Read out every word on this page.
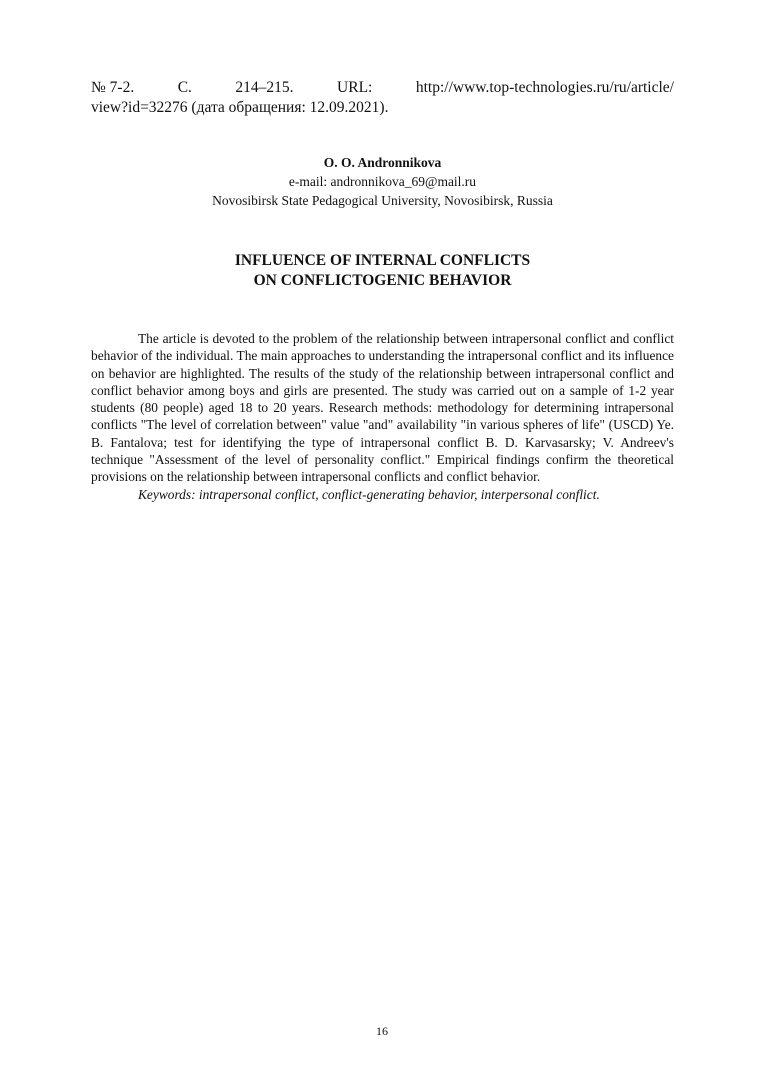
№ 7-2.	С.	214–215.	URL:	http://www.top-technologies.ru/ru/article/
view?id=32276 (дата обращения: 12.09.2021).
O. O. Andronnikova
e-mail: andronnikova_69@mail.ru
Novosibirsk State Pedagogical University, Novosibirsk, Russia
INFLUENCE OF INTERNAL CONFLICTS
ON CONFLICTOGENIC BEHAVIOR

The article is devoted to the problem of the relationship between intrapersonal conflict and conflict behavior of the individual. The main approaches to understanding the intrapersonal conflict and its influence on behavior are highlighted. The results of the study of the relationship between intrapersonal conflict and conflict behavior among boys and girls are presented. The study was carried out on a sample of 1-2 year students (80 people) aged 18 to 20 years. Research methods: methodology for determining intrapersonal conflicts "The level of correlation between" value "and" availability "in various spheres of life" (USCD) Ye. B. Fantalova; test for identifying the type of intrapersonal conflict B. D. Karvasarsky; V. Andreev's technique "Assessment of the level of personality conflict." Empirical findings confirm the theoretical provisions on the relationship between intrapersonal conflicts and conflict behavior.

Keywords: intrapersonal conflict, conflict-generating behavior, interpersonal conflict.

16
